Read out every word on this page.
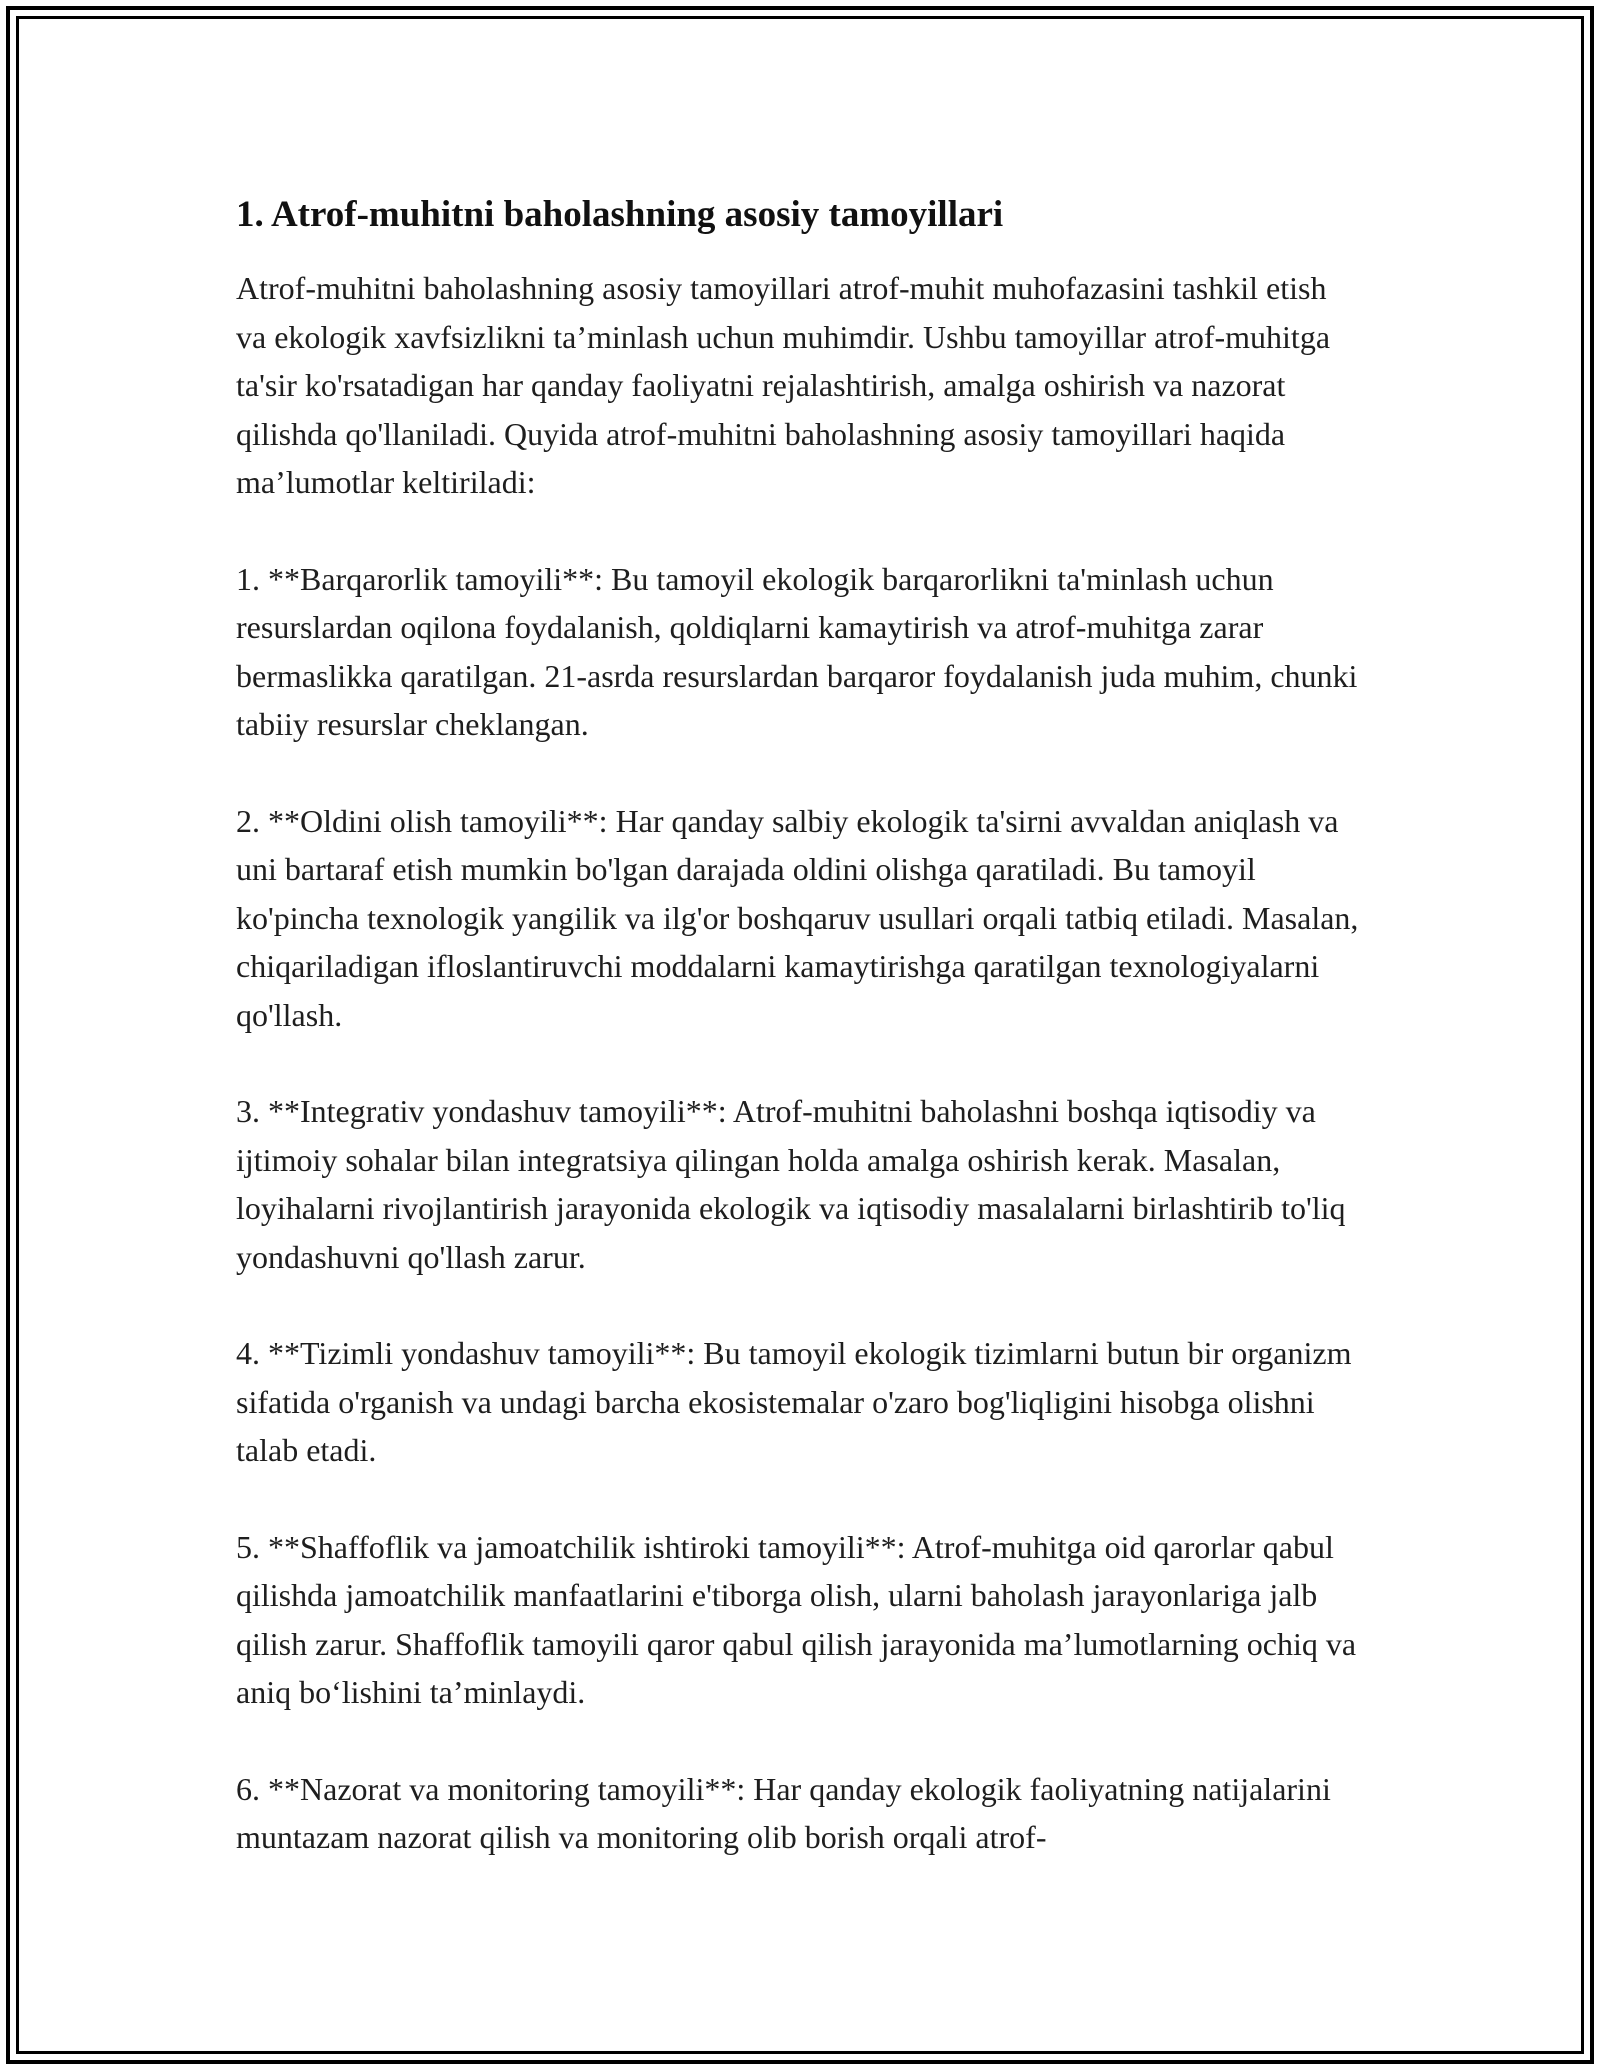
1. Atrof-muhitni baholashning asosiy tamoyillari

Atrof-muhitni baholashning asosiy tamoyillari atrof-muhit muhofazasini tashkil etish va ekologik xavfsizlikni ta’minlash uchun muhimdir. Ushbu tamoyillar atrof-muhitga ta'sir ko'rsatadigan har qanday faoliyatni rejalashtirish, amalga oshirish va nazorat qilishda qo'llaniladi. Quyida atrof-muhitni baholashning asosiy tamoyillari haqida ma’lumotlar keltiriladi:

1. **Barqarorlik tamoyili**: Bu tamoyil ekologik barqarorlikni ta'minlash uchun resurslardan oqilona foydalanish, qoldiqlarni kamaytirish va atrof-muhitga zarar bermaslikka qaratilgan. 21-asrda resurslardan barqaror foydalanish juda muhim, chunki tabiiy resurslar cheklangan.

2. **Oldini olish tamoyili**: Har qanday salbiy ekologik ta'sirni avvaldan aniqlash va uni bartaraf etish mumkin bo'lgan darajada oldini olishga qaratiladi. Bu tamoyil ko'pincha texnologik yangilik va ilg'or boshqaruv usullari orqali tatbiq etiladi. Masalan, chiqariladigan ifloslantiruvchi moddalarni kamaytirishga qaratilgan texnologiyalarni qo'llash.

3. **Integrativ yondashuv tamoyili**: Atrof-muhitni baholashni boshqa iqtisodiy va ijtimoiy sohalar bilan integratsiya qilingan holda amalga oshirish kerak. Masalan, loyihalarni rivojlantirish jarayonida ekologik va iqtisodiy masalalarni birlashtirib to'liq yondashuvni qo'llash zarur.

4. **Tizimli yondashuv tamoyili**: Bu tamoyil ekologik tizimlarni butun bir organizm sifatida o'rganish va undagi barcha ekosistemalar o'zaro bog'liqligini hisobga olishni talab etadi.

5. **Shaffoflik va jamoatchilik ishtiroki tamoyili**: Atrof-muhitga oid qarorlar qabul qilishda jamoatchilik manfaatlarini e'tiborga olish, ularni baholash jarayonlariga jalb qilish zarur. Shaffoflik tamoyili qaror qabul qilish jarayonida ma’lumotlarning ochiq va aniq bo‘lishini ta’minlaydi.

6. **Nazorat va monitoring tamoyili**: Har qanday ekologik faoliyatning natijalarini muntazam nazorat qilish va monitoring olib borish orqali atrof-
